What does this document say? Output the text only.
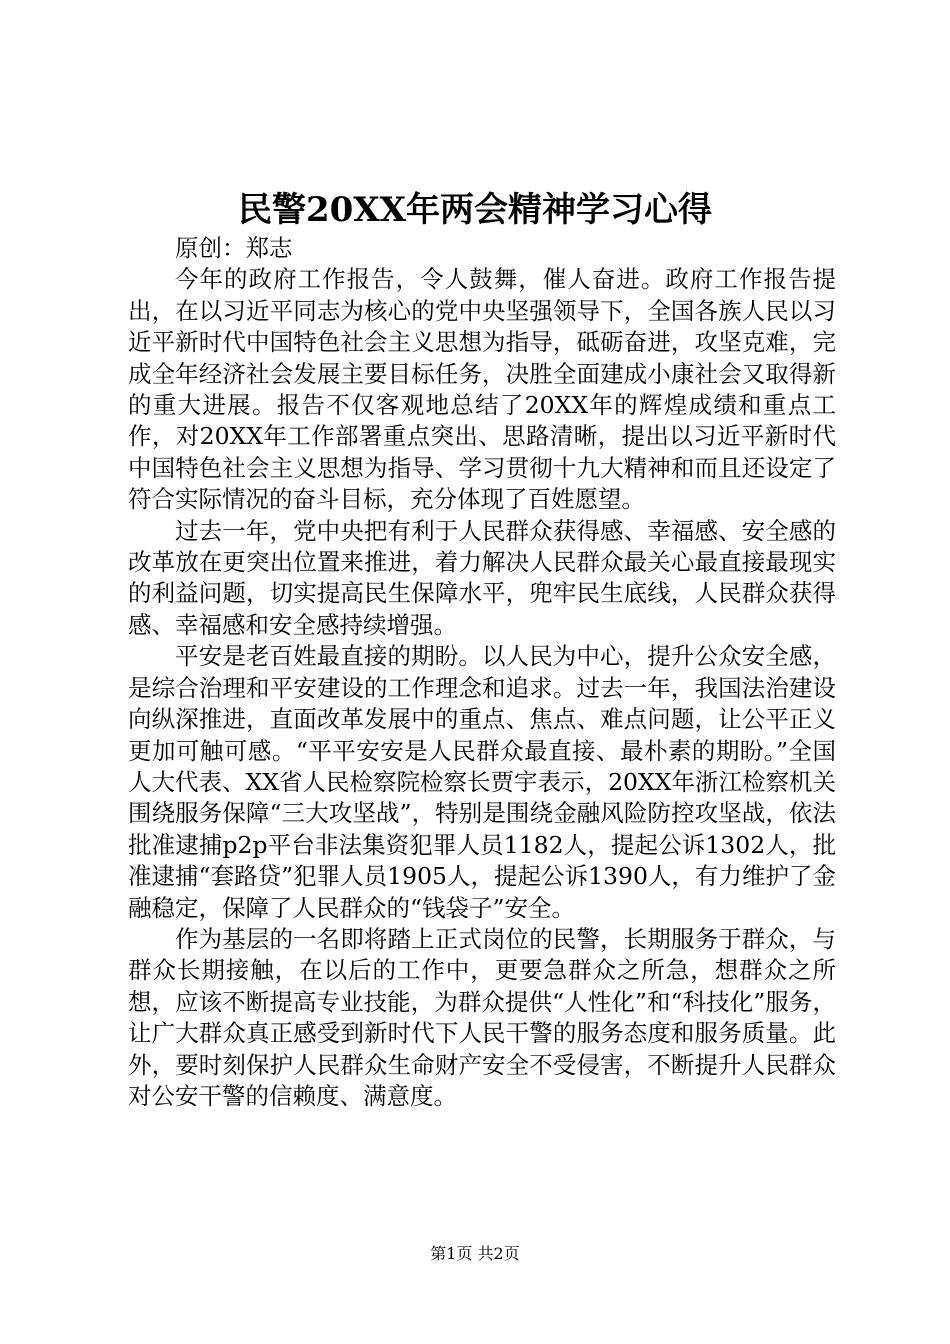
民警20XX年两会精神学习心得

原创：郑志

今年的政府工作报告，令人鼓舞，催人奋进。政府工作报告提出，在以习近平同志为核心的党中央坚强领导下，全国各族人民以习近平新时代中国特色社会主义思想为指导，砥砺奋进，攻坚克难，完成全年经济社会发展主要目标任务，决胜全面建成小康社会又取得新的重大进展。报告不仅客观地总结了20XX年的辉煌成绩和重点工作，对20XX年工作部署重点突出、思路清晰，提出以习近平新时代中国特色社会主义思想为指导、学习贯彻十九大精神和而且还设定了符合实际情况的奋斗目标，充分体现了百姓愿望。

过去一年，党中央把有利于人民群众获得感、幸福感、安全感的改革放在更突出位置来推进，着力解决人民群众最关心最直接最现实的利益问题，切实提高民生保障水平，兜牢民生底线，人民群众获得感、幸福感和安全感持续增强。

平安是老百姓最直接的期盼。以人民为中心，提升公众安全感，是综合治理和平安建设的工作理念和追求。过去一年，我国法治建设向纵深推进，直面改革发展中的重点、焦点、难点问题，让公平正义更加可触可感。“平平安安是人民群众最直接、最朴素的期盼。”全国人大代表、XX省人民检察院检察长贾宇表示，20XX年浙江检察机关围绕服务保障“三大攻坚战”，特别是围绕金融风险防控攻坚战，依法批准逮捕p2p平台非法集资犯罪人员1182人，提起公诉1302人，批准逮捕“套路贷”犯罪人员1905人，提起公诉1390人，有力维护了金融稳定，保障了人民群众的“钱袋子”安全。

作为基层的一名即将踏上正式岗位的民警，长期服务于群众，与群众长期接触，在以后的工作中，更要急群众之所急，想群众之所想，应该不断提高专业技能，为群众提供“人性化”和“科技化”服务，让广大群众真正感受到新时代下人民干警的服务态度和服务质量。此外，要时刻保护人民群众生命财产安全不受侵害，不断提升人民群众对公安干警的信赖度、满意度。

第1页 共2页
